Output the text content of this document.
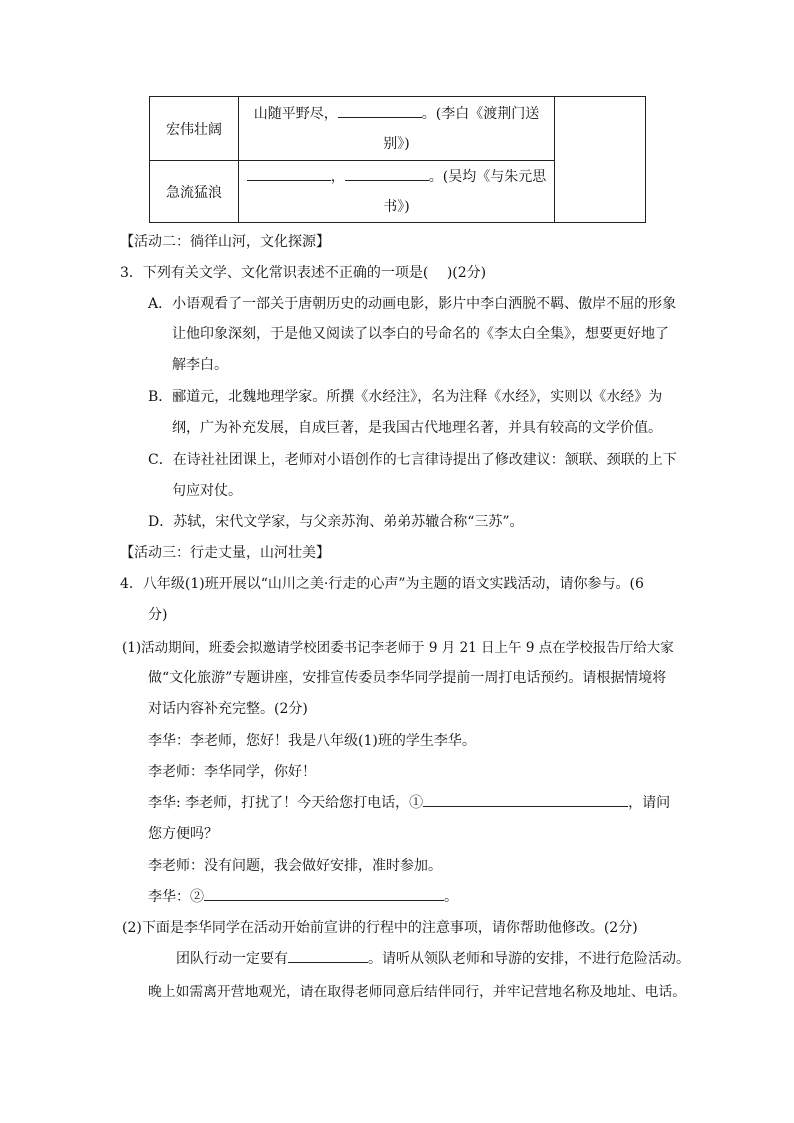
宏伟壮阔	山随平野尽， 。(李白《渡荆门送
别》)	
急流猛浪	， 。(吴均《与朱元思
书》)	
【活动二：徜徉山河，文化探源】
3．下列有关文学、文化常识表述不正确的一项是(　 )(2分)
A．小语观看了一部关于唐朝历史的动画电影，影片中李白洒脱不羁、傲岸不屈的形象
让他印象深刻，于是他又阅读了以李白的号命名的《李太白全集》，想要更好地了
解李白。
B．郦道元，北魏地理学家。所撰《水经注》，名为注释《水经》，实则以《水经》为
纲，广为补充发展，自成巨著，是我国古代地理名著，并具有较高的文学价值。
C．在诗社社团课上，老师对小语创作的七言律诗提出了修改建议：颔联、颈联的上下
句应对仗。
D．苏轼，宋代文学家，与父亲苏洵、弟弟苏辙合称“三苏”。
【活动三：行走丈量，山河壮美】
4．八年级(1)班开展以“山川之美·行走的心声”为主题的语文实践活动，请你参与。(6
分)
(1)活动期间，班委会拟邀请学校团委书记李老师于 9 月 21 日上午 9 点在学校报告厅给大家
做“文化旅游”专题讲座，安排宣传委员李华同学提前一周打电话预约。请根据情境将
对话内容补充完整。(2分)
李华：李老师，您好！我是八年级(1)班的学生李华。
李老师：李华同学，你好！
李华: 李老师，打扰了！今天给您打电话，①	，请问
您方便吗？
李老师：没有问题，我会做好安排，准时参加。
李华：②	。
(2)下面是李华同学在活动开始前宣讲的行程中的注意事项，请你帮助他修改。(2分)
团队行动一定要有	。请听从领队老师和导游的安排，不进行危险活动。
晚上如需离开营地观光，请在取得老师同意后结伴同行，并牢记营地名称及地址、电话。
